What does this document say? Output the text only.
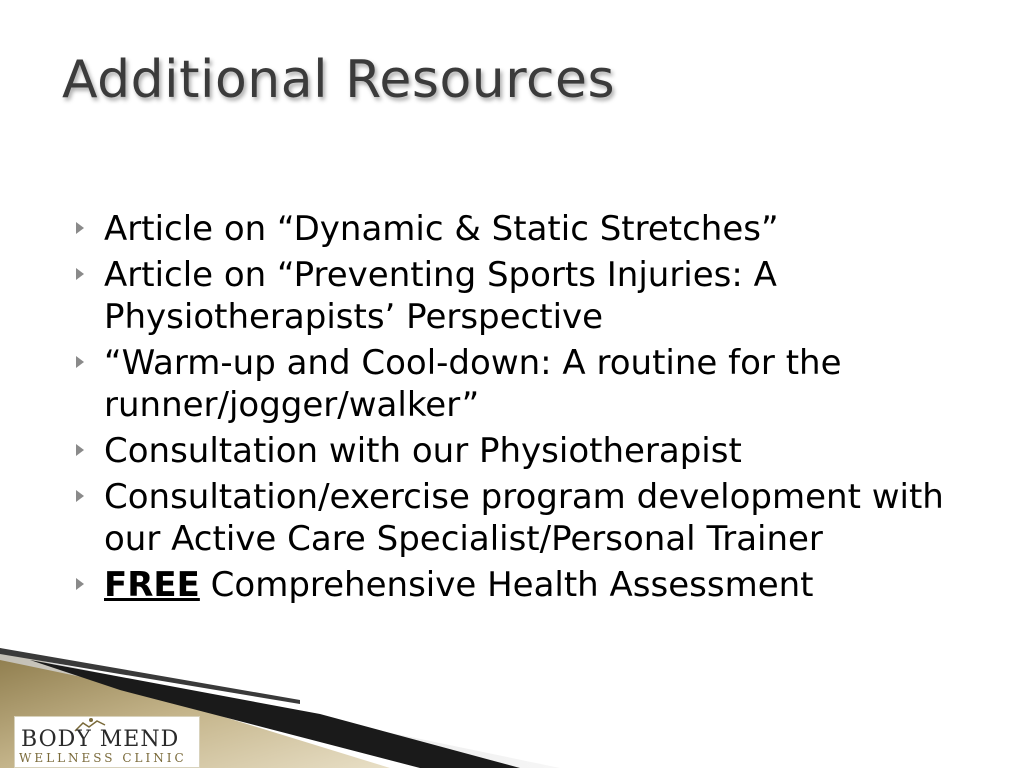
Additional Resources
Article on “Dynamic & Static Stretches”
Article on “Preventing Sports Injuries: A Physiotherapists’ Perspective
“Warm-up and Cool-down: A routine for the runner/jogger/walker”
Consultation with our Physiotherapist
Consultation/exercise program development with our Active Care Specialist/Personal Trainer
FREE Comprehensive Health Assessment
BODY MEND
WELLNESS CLINIC
